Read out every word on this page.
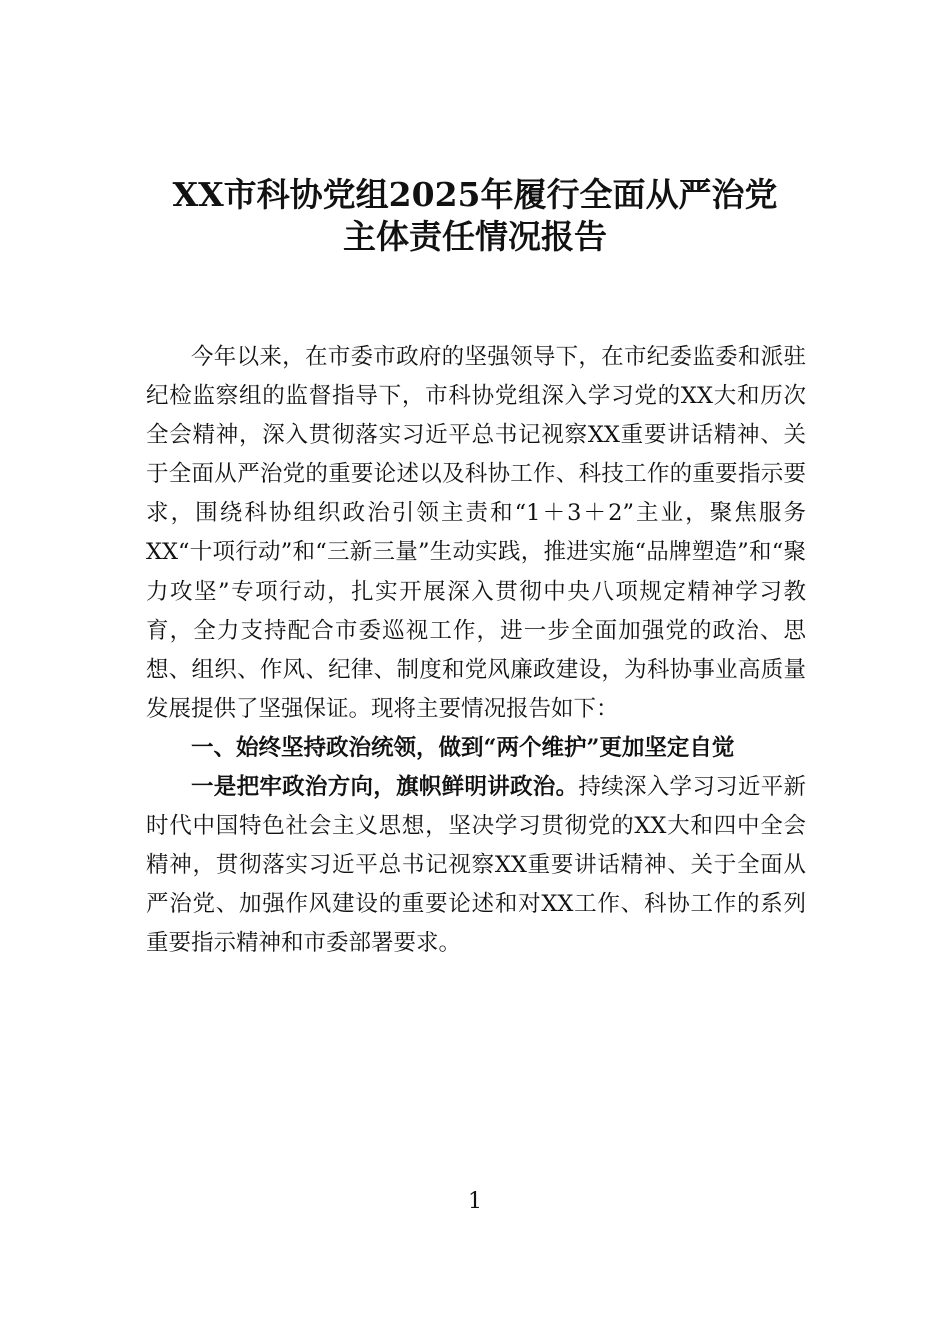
XX市科协党组2025年履行全面从严治党
主体责任情况报告

今年以来，在市委市政府的坚强领导下，在市纪委监委和派驻纪检监察组的监督指导下，市科协党组深入学习党的XX大和历次全会精神，深入贯彻落实习近平总书记视察XX重要讲话精神、关于全面从严治党的重要论述以及科协工作、科技工作的重要指示要求，围绕科协组织政治引领主责和“1＋3＋2”主业，聚焦服务XX“十项行动”和“三新三量”生动实践，推进实施“品牌塑造”和“聚力攻坚”专项行动，扎实开展深入贯彻中央八项规定精神学习教育，全力支持配合市委巡视工作，进一步全面加强党的政治、思想、组织、作风、纪律、制度和党风廉政建设，为科协事业高质量发展提供了坚强保证。现将主要情况报告如下：

一、始终坚持政治统领，做到“两个维护”更加坚定自觉

一是把牢政治方向，旗帜鲜明讲政治。持续深入学习习近平新时代中国特色社会主义思想，坚决学习贯彻党的XX大和四中全会精神，贯彻落实习近平总书记视察XX重要讲话精神、关于全面从严治党、加强作风建设的重要论述和对XX工作、科协工作的系列重要指示精神和市委部署要求。

1
